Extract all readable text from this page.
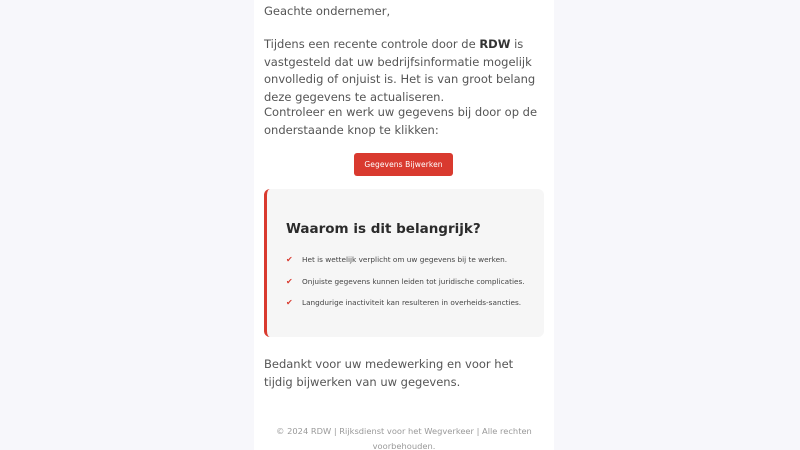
Geachte ondernemer,

Tijdens een recente controle door de RDW is vastgesteld dat uw bedrijfsinformatie mogelijk onvolledig of onjuist is. Het is van groot belang deze gegevens te actualiseren.

Controleer en werk uw gegevens bij door op de onderstaande knop te klikken:

Gegevens Bijwerken
Waarom is dit belangrijk?
✔ Het is wettelijk verplicht om uw gegevens bij te werken.
✔ Onjuiste gegevens kunnen leiden tot juridische complicaties.
✔ Langdurige inactiviteit kan resulteren in overheids-sancties.

Bedankt voor uw medewerking en voor het tijdig bijwerken van uw gegevens.

© 2024 RDW | Rijksdienst voor het Wegverkeer | Alle rechten voorbehouden.
